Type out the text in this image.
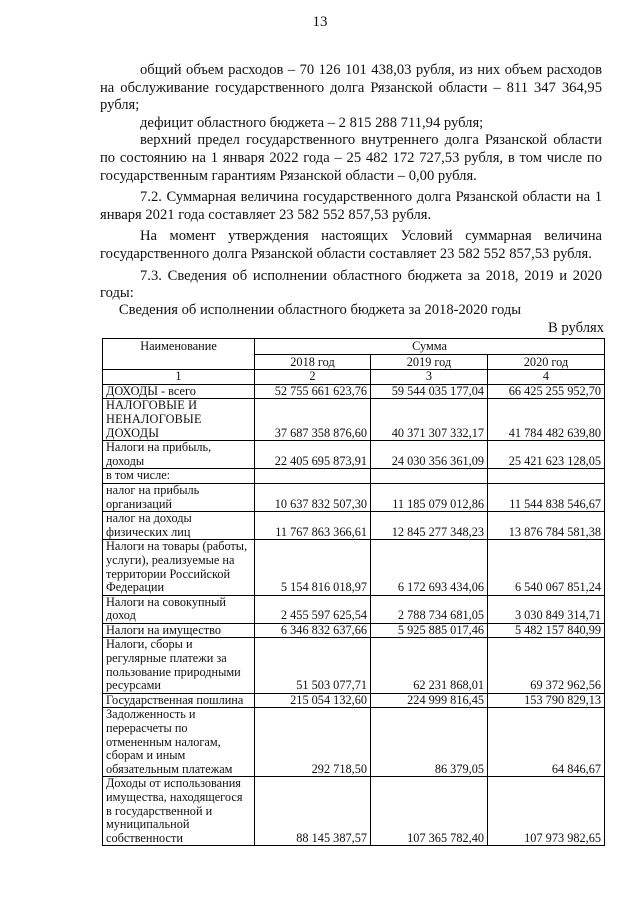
13

общий объем расходов – 70 126 101 438,03 рубля, из них объем расходов на обслуживание государственного долга Рязанской области – 811 347 364,95 рубля;

дефицит областного бюджета – 2 815 288 711,94 рубля;

верхний предел государственного внутреннего долга Рязанской области по состоянию на 1 января 2022 года – 25 482 172 727,53 рубля, в том числе по государственным гарантиям Рязанской области – 0,00 рубля.

7.2. Суммарная величина государственного долга Рязанской области на 1 января 2021 года составляет 23 582 552 857,53 рубля.

На момент утверждения настоящих Условий суммарная величина государственного долга Рязанской области составляет 23 582 552 857,53 рубля.

7.3. Сведения об исполнении областного бюджета за 2018, 2019 и 2020 годы:

Сведения об исполнении областного бюджета за 2018-2020 годы
В рублях
Наименование	Сумма		
	2018 год	2019 год	2020 год
1	2	3	4
ДОХОДЫ - всего	52 755 661 623,76	59 544 035 177,04	66 425 255 952,70
НАЛОГОВЫЕ И НЕНАЛОГОВЫЕ ДОХОДЫ	37 687 358 876,60	40 371 307 332,17	41 784 482 639,80
Налоги на прибыль, доходы	22 405 695 873,91	24 030 356 361,09	25 421 623 128,05
в том числе:			
налог на прибыль организаций	10 637 832 507,30	11 185 079 012,86	11 544 838 546,67
налог на доходы физических лиц	11 767 863 366,61	12 845 277 348,23	13 876 784 581,38
Налоги на товары (работы, услуги), реализуемые на территории Российской Федерации	5 154 816 018,97	6 172 693 434,06	6 540 067 851,24
Налоги на совокупный доход	2 455 597 625,54	2 788 734 681,05	3 030 849 314,71
Налоги на имущество	6 346 832 637,66	5 925 885 017,46	5 482 157 840,99
Налоги, сборы и регулярные платежи за пользование природными ресурсами	51 503 077,71	62 231 868,01	69 372 962,56
Государственная пошлина	215 054 132,60	224 999 816,45	153 790 829,13
Задолженность и перерасчеты по отмененным налогам, сборам и иным обязательным платежам	292 718,50	86 379,05	64 846,67
Доходы от использования имущества, находящегося в государственной и муниципальной собственности	88 145 387,57	107 365 782,40	107 973 982,65
